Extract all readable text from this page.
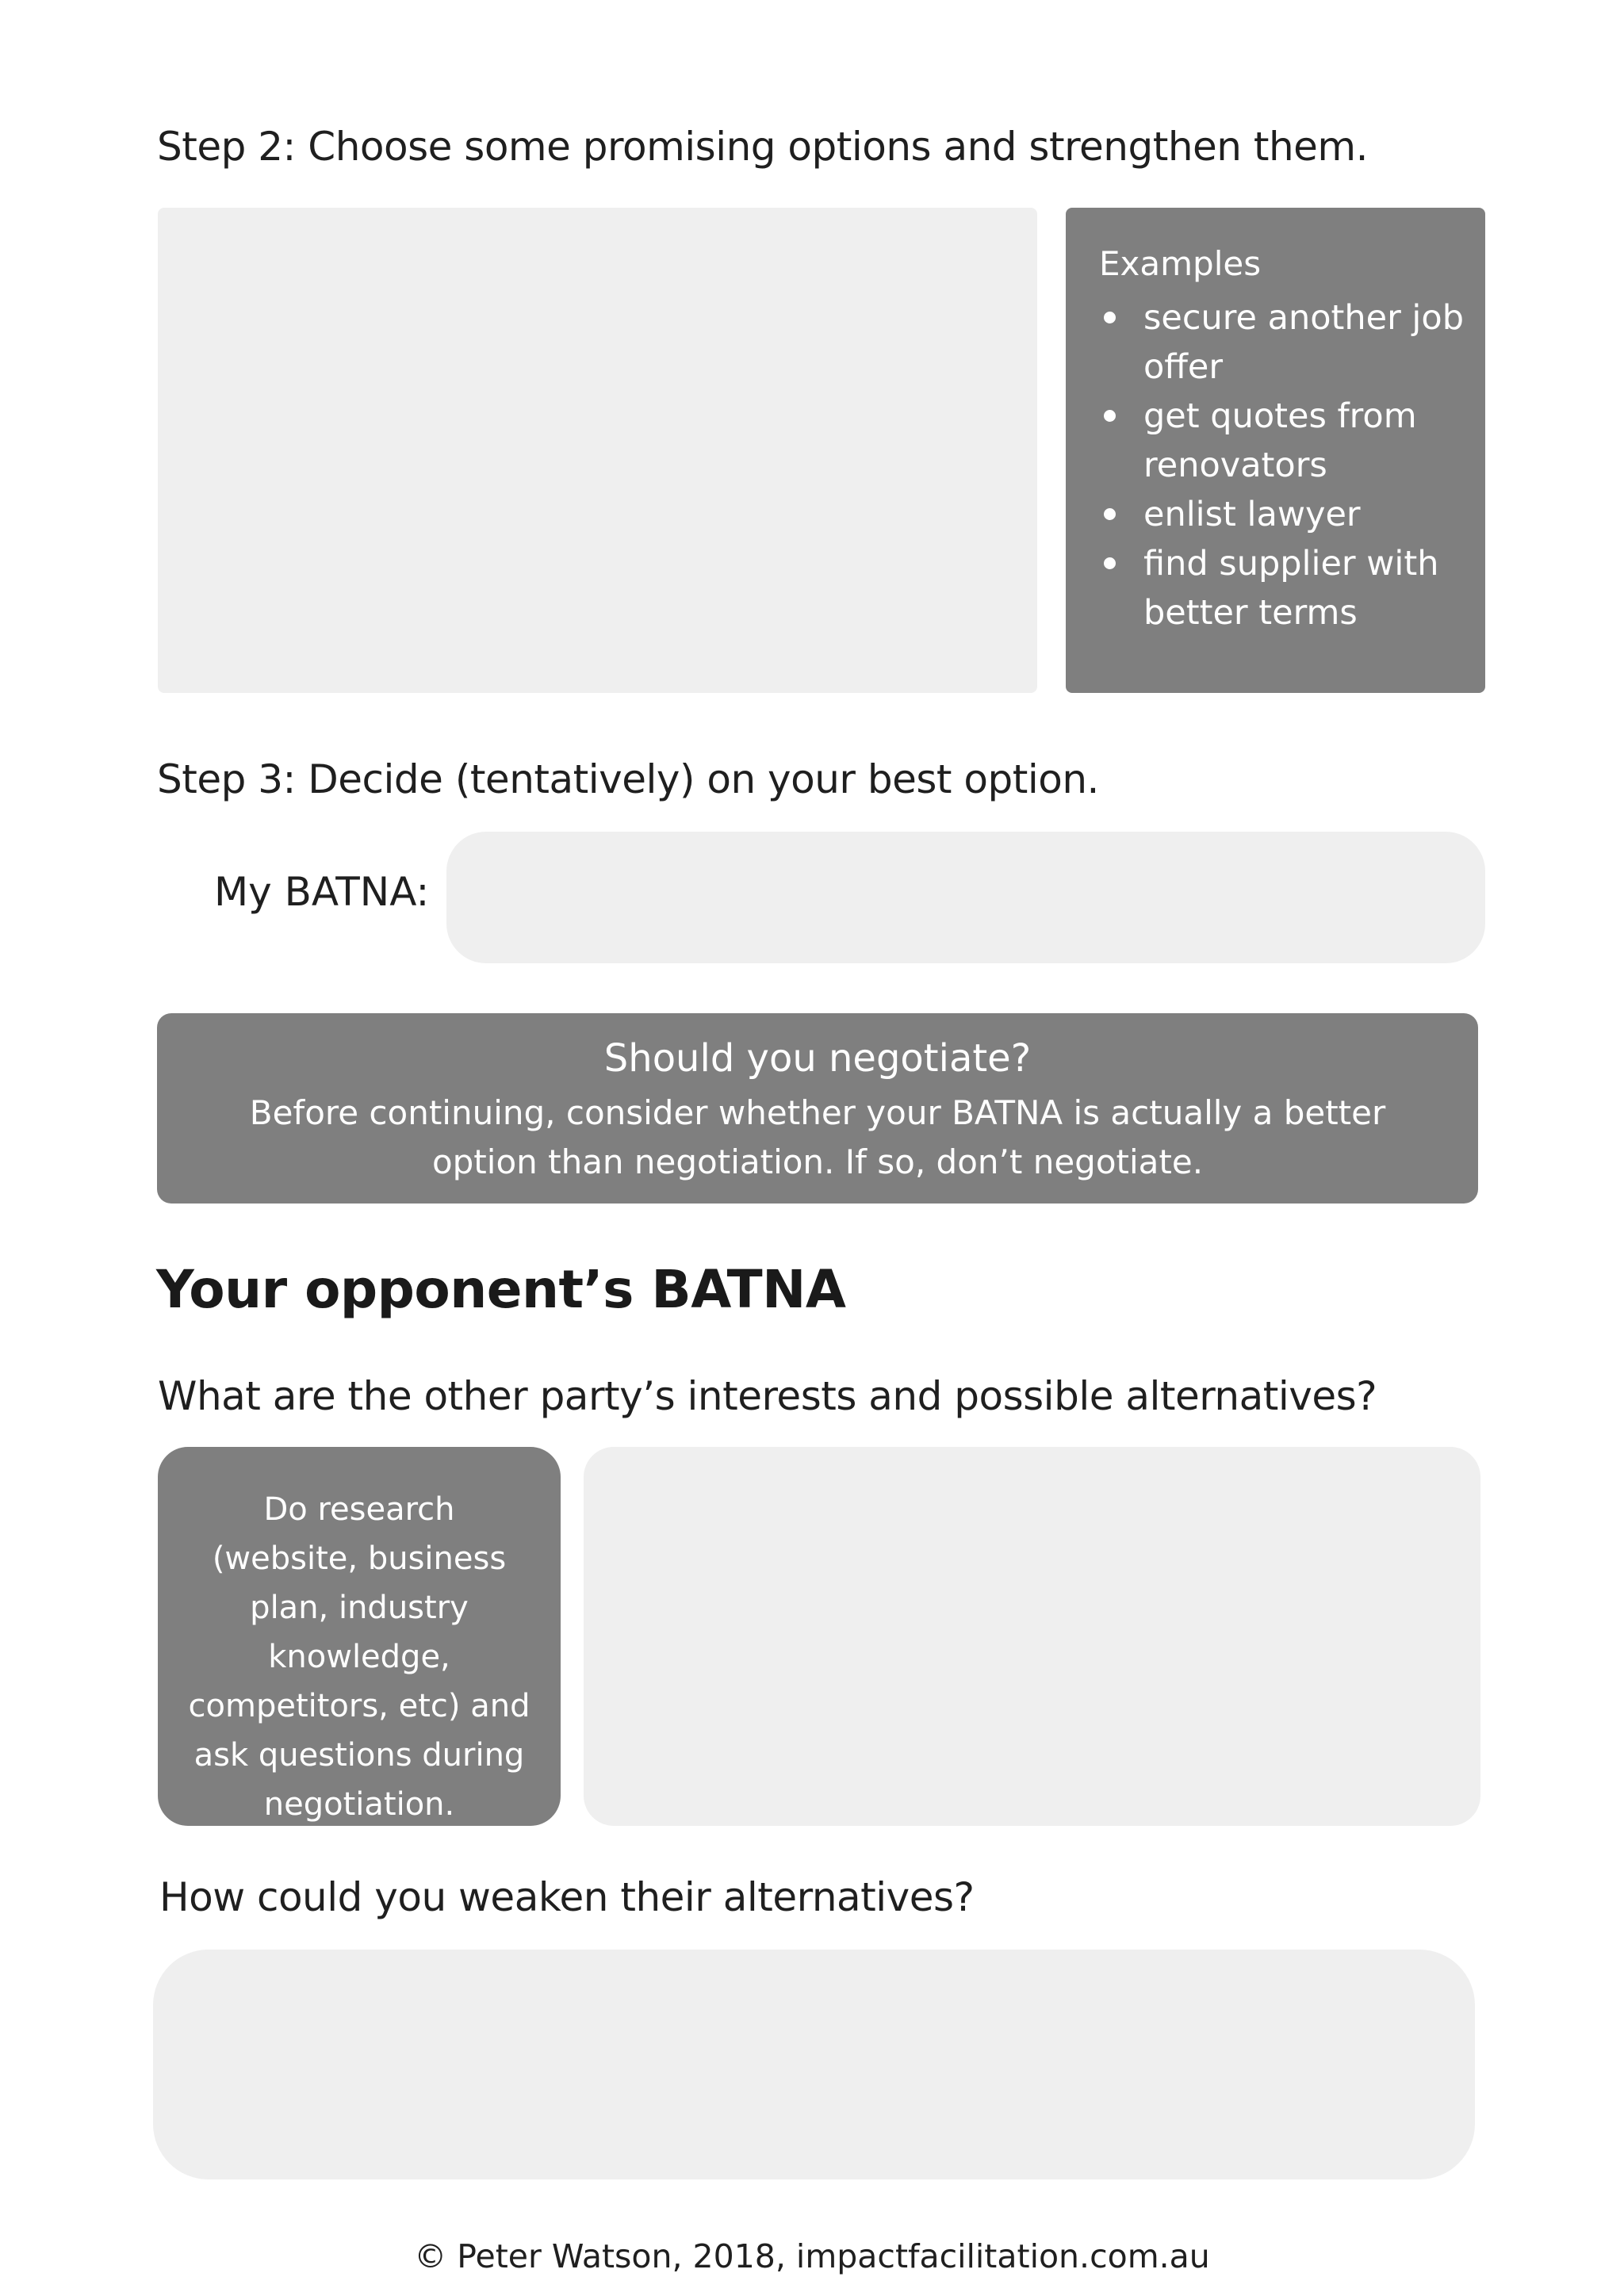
Step 2: Choose some promising options and strengthen them.
Examples
secure another job offer
get quotes from renovators
enlist lawyer
find supplier with better terms
Step 3: Decide (tentatively) on your best option.
My BATNA:
Should you negotiate?
Before continuing, consider whether your BATNA is actually a better option than negotiation. If so, don’t negotiate.
Your opponent’s BATNA
What are the other party’s interests and possible alternatives?
Do research (website, business plan, industry knowledge, competitors, etc) and ask questions during negotiation.
How could you weaken their alternatives?
© Peter Watson, 2018, impactfacilitation.com.au
